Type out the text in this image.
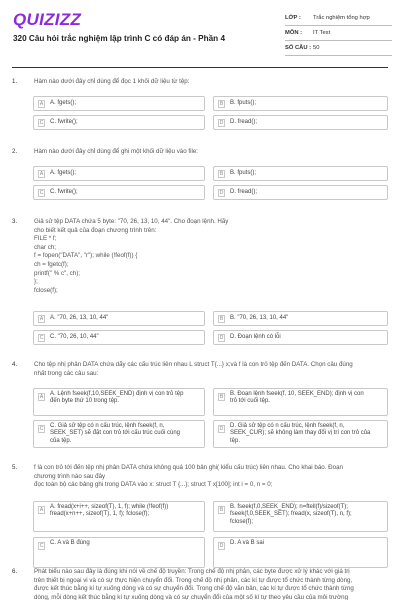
QUIZIZZ
320 Câu hỏi trắc nghiệm lập trình C có đáp án - Phần 4
LỚP :	Trắc nghiệm tổng hợp
MÔN :	IT Test
SỐ CÂU : 50
1.	Hàm nào dưới đây chỉ dùng để đọc 1 khối dữ liệu từ tệp:
A	A. fgets();	B	B. fputs();
C C. fwrite();	D D. fread();
2.	Hàm nào dưới đây chỉ dùng để ghi một khối dữ liệu vào file:
A	A. fgets();	B	B. fputs();
C C. fwrite();	D D. fread();
3.	Giả sử tệp DATA chứa 5 byte: "70, 26, 13, 10, 44". Cho đoạn lệnh. Hãy
cho biết kết quả của đoạn chương trình trên:
FILE * f;
char ch;
f = fopen("DATA", "r"); while (!feof(f)) {
ch = fgetc(f);
printf(" % c", ch);
};
fclose(f);
A	A. "70, 26, 13, 10, 44"	B	B. "70, 26, 13, 10, 44"
C C. "70, 26, 10, 44"	D D. Đoạn lệnh có lỗi
4.	Cho tệp nhị phân DATA chứa dãy các cấu trúc liên nhau L struct T{...} x;và f là con trỏ tệp đến DATA. Chọn câu đúng
nhất trong các câu sau:
A	A. Lệnh fseek(f,10,SEEK_END) định vị con trỏ tệp
đến byte thứ 10 trong tệp.
B	B. Đoạn lệnh fseek(f, 10, SEEK_END); định vị con
trỏ tới cuối tệp.
C C. Giả sử tệp có n cấu trúc, lệnh fseek(f, n,
SEEK_SET) sẽ đặt con trỏ tới cấu trúc cuối cùng
của tệp.
D D. Giả sử tệp có n cấu trúc, lệnh fseek(f, n,
SEEK_CUR); sẽ không làm thay đổi vị trí con trỏ của
tệp.
5.	f là con trỏ tới đến tệp nhị phân DATA chứa không quá 100 bản ghi( kiểu cấu trúc) liên nhau. Cho khai báo. Đoạn
chương trình nào sau đây
đọc toàn bộ các bảng ghi trong DATA vào x: struct T {...}; struct T x[100]; int i = 0, n = 0;
A	A. fread(x+i++, sizeof(T), 1, f); while (!feof(f))
fread(x+n++, sizeof(T), 1, f); fclose(f);
B	B. fseek(f,0,SEEK_END); n=ftell(f)/sizeof(T);
fseek(f,0,SEEK_SET); fread(x, sizeof(T), n, f);
fclose(f);
C C. A và B đúng	D D. A và B sai
6.	Phát biểu nào sau đây là đúng khi nói về chế độ truyền: Trong chế độ nhị phân, các byte được xử lý khác với giá trị
trên thiết bị ngoại vi và có sự thực hiện chuyển đổi. Trong chế độ nhị phân, các kí tự được tổ chức thành từng dòng,
được kết thúc bằng kí tự xuống dòng và có sự chuyển đổi. Trong chế độ văn bản, các kí tự được tổ chức thành từng
dòng, mỗi dòng kết thúc bằng kí tự xuống dòng và có sự chuyển đổi của một số kí tự theo yêu cầu của môi trường
